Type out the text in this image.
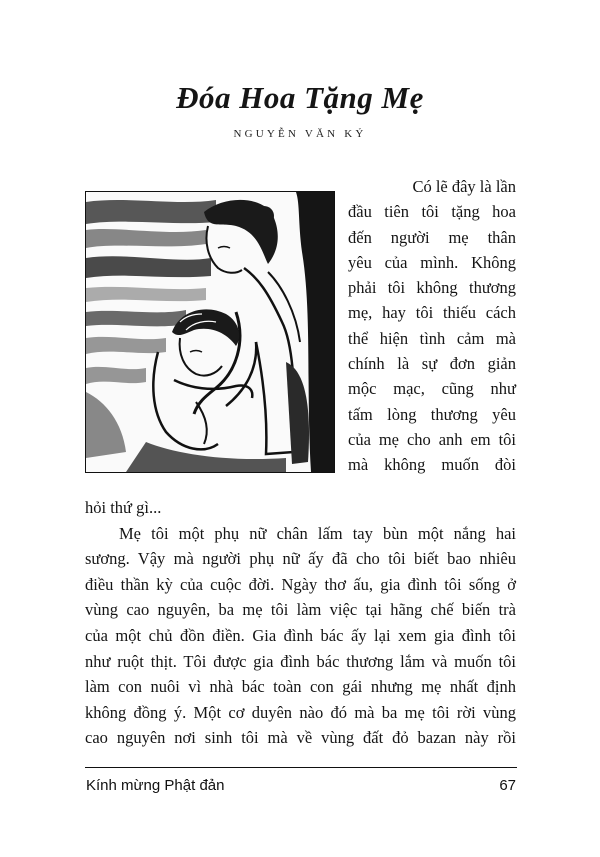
Đóa Hoa Tặng Mẹ
NGUYỄN VĂN KỶ
Có lẽ đây là lần
đầu tiên tôi tặng hoa
đến người mẹ thân
yêu của mình. Không
phải tôi không thương
mẹ, hay tôi thiếu cách
thể hiện tình cảm mà
chính là sự đơn giản
mộc mạc, cũng như
tấm lòng thương yêu
của mẹ cho anh em tôi
mà không muốn đòi
hỏi thứ gì...
Mẹ tôi một phụ nữ chân lấm tay bùn một nắng hai
sương. Vậy mà người phụ nữ ấy đã cho tôi biết bao nhiêu
điều thần kỳ của cuộc đời. Ngày thơ ấu, gia đình tôi sống ở
vùng cao nguyên, ba mẹ tôi làm việc tại hãng chế biến trà
của một chủ đồn điền. Gia đình bác ấy lại xem gia đình tôi
như ruột thịt. Tôi được gia đình bác thương lắm và muốn tôi
làm con nuôi vì nhà bác toàn con gái nhưng mẹ nhất định
không đồng ý. Một cơ duyên nào đó mà ba mẹ tôi rời vùng
cao nguyên nơi sinh tôi mà về vùng đất đỏ bazan này rồi
Kính mừng Phật đản	67
